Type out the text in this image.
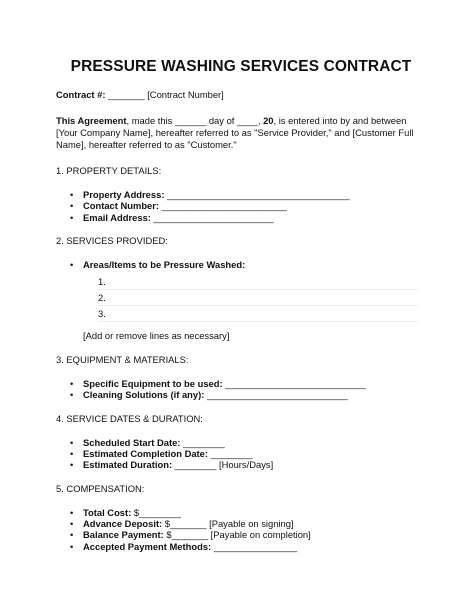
PRESSURE WASHING SERVICES CONTRACT

Contract #: _______ [Contract Number]

This Agreement, made this ______ day of ____, 20, is entered into by and between [Your Company Name], hereafter referred to as "Service Provider," and [Customer Full Name], hereafter referred to as "Customer."

1. PROPERTY DETAILS:

• Property Address: ___________________________________
• Contact Number: ________________________
• Email Address: _______________________

2. SERVICES PROVIDED:

• Areas/Items to be Pressure Washed:
1.
2.
3.

[Add or remove lines as necessary]

3. EQUIPMENT & MATERIALS:

• Specific Equipment to be used: ___________________________
• Cleaning Solutions (if any): ___________________________

4. SERVICE DATES & DURATION:

• Scheduled Start Date: ________
• Estimated Completion Date: ________
• Estimated Duration: ________ [Hours/Days]

5. COMPENSATION:

• Total Cost: $________
• Advance Deposit: $_______ [Payable on signing]
• Balance Payment: $_______ [Payable on completion]
• Accepted Payment Methods: ________________
